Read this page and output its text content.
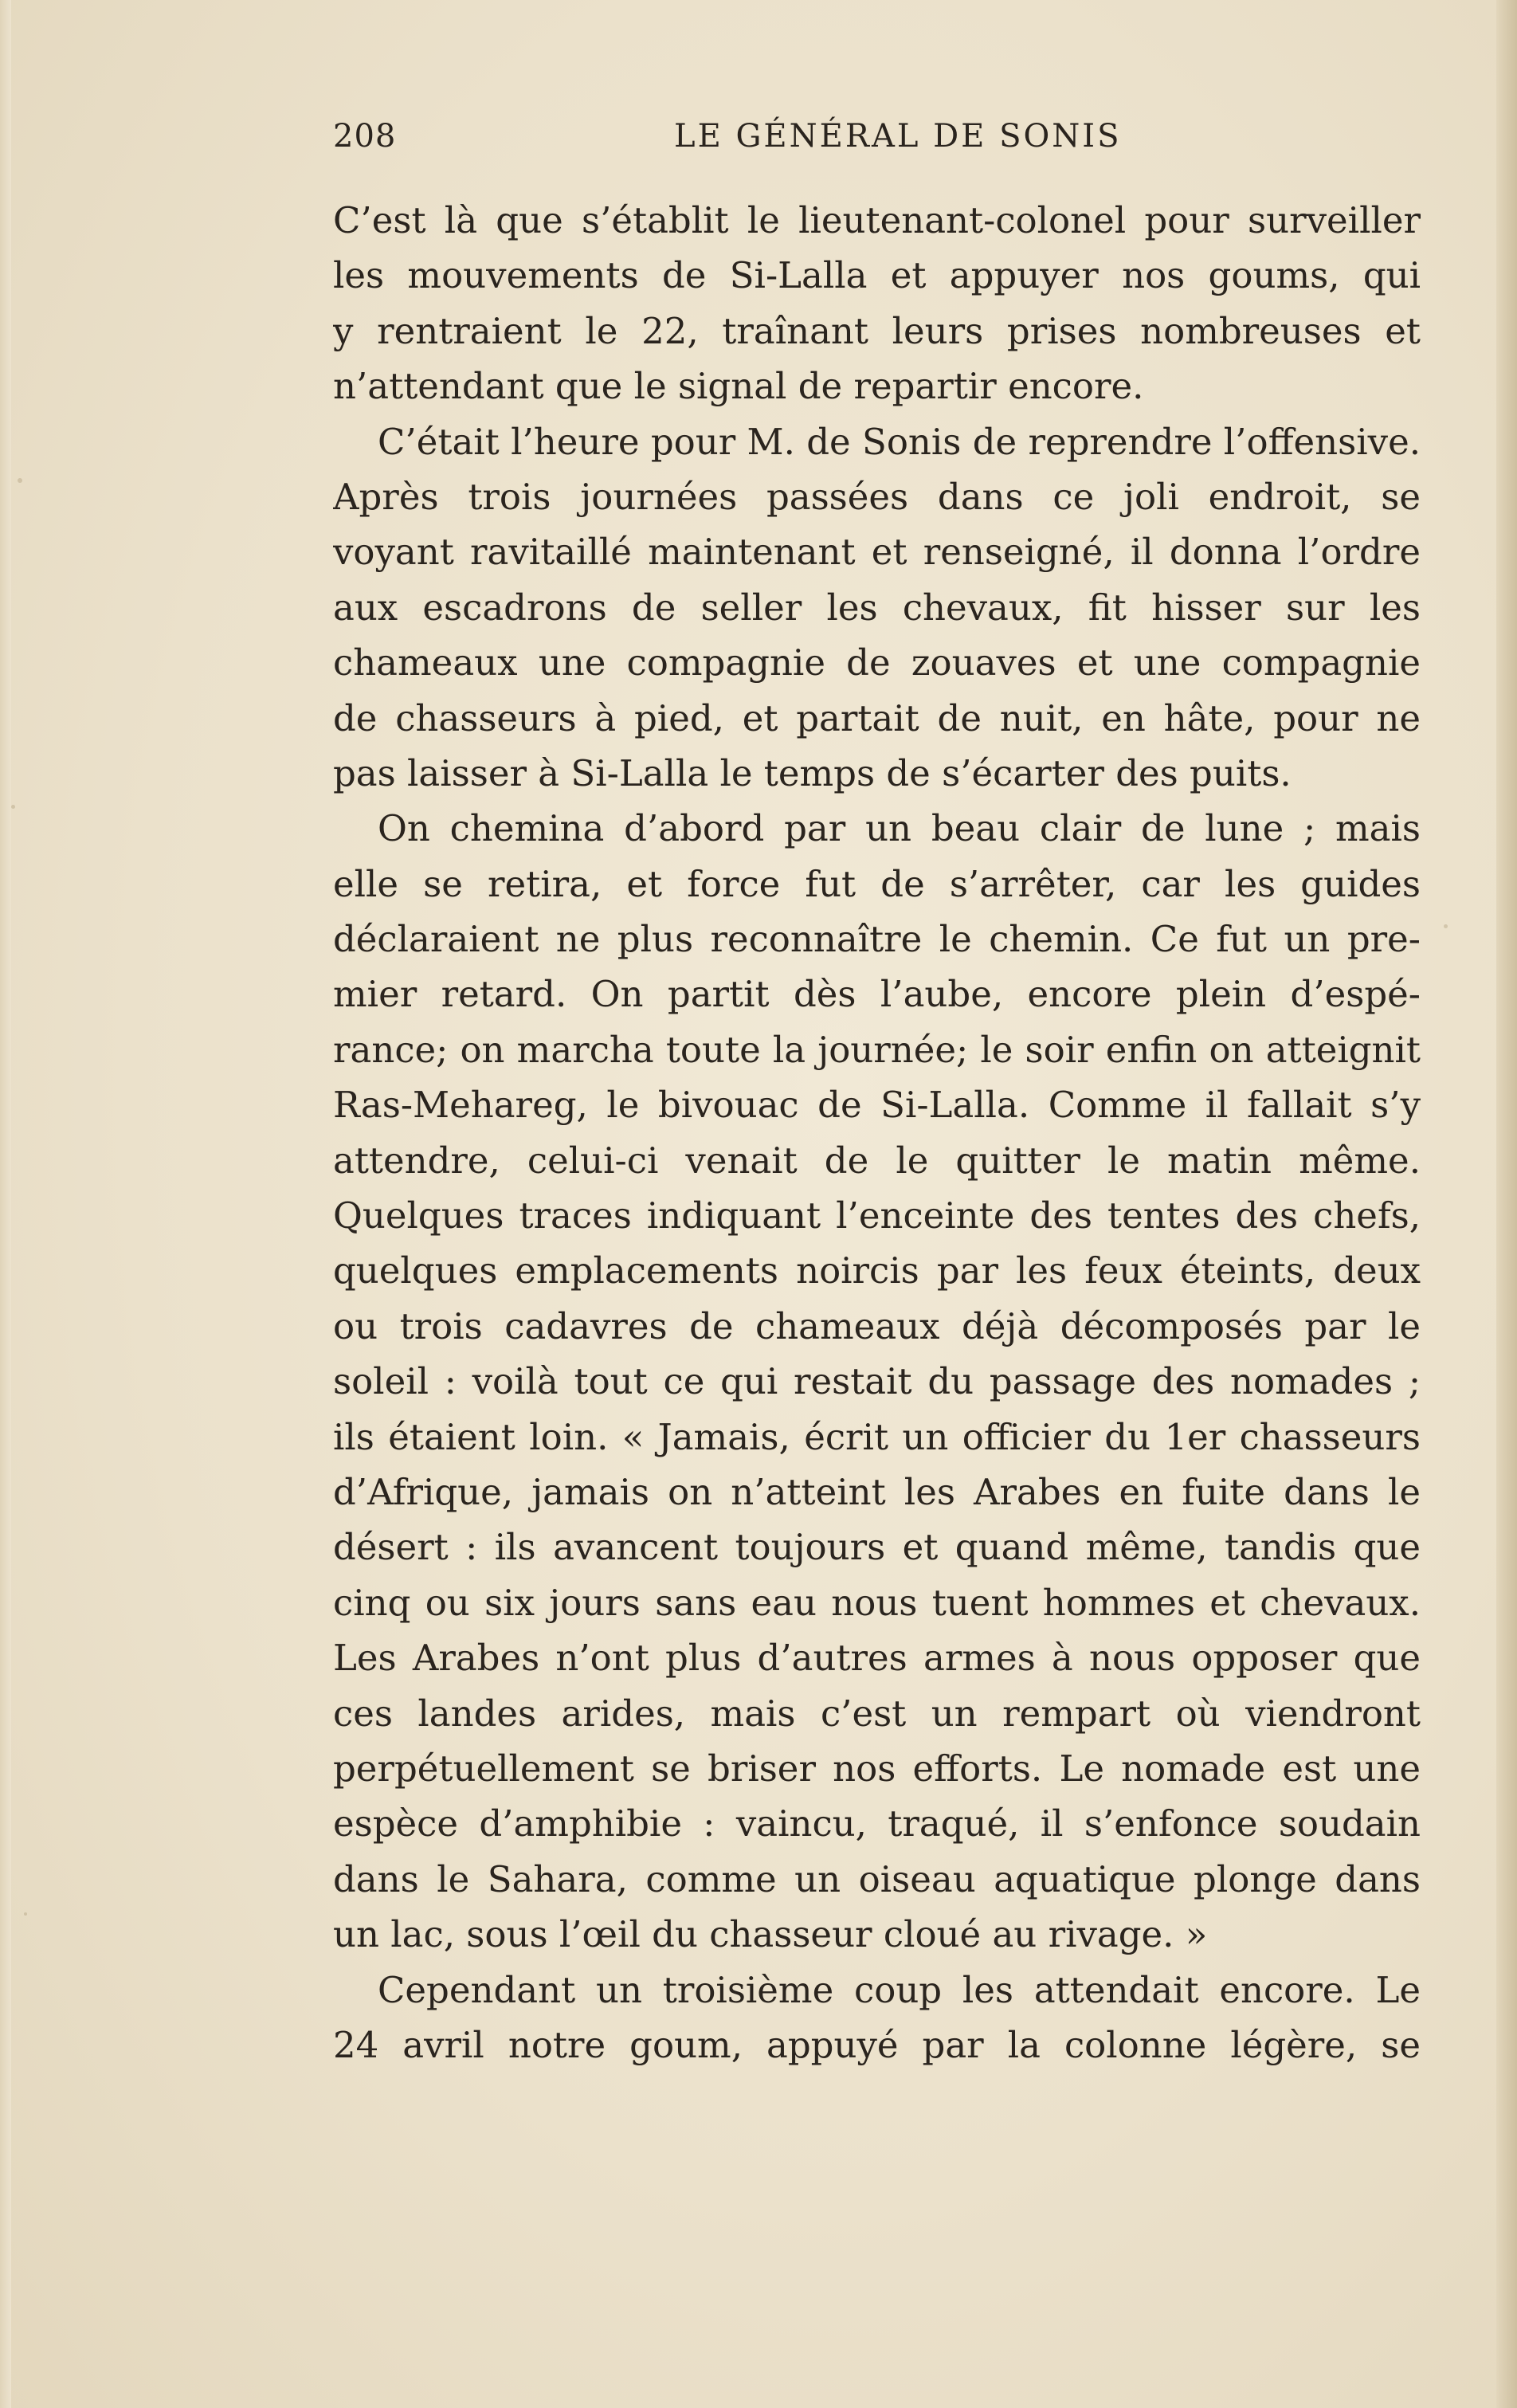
208	LE GÉNÉRAL DE SONIS
C’est là que s’établit le lieutenant-colonel pour surveiller
les mouvements de Si-Lalla et appuyer nos goums, qui
y rentraient le 22, traînant leurs prises nombreuses et
n’attendant que le signal de repartir encore.
C’était l’heure pour M. de Sonis de reprendre l’offensive.
Après trois journées passées dans ce joli endroit, se
voyant ravitaillé maintenant et renseigné, il donna l’ordre
aux escadrons de seller les chevaux, fit hisser sur les
chameaux une compagnie de zouaves et une compagnie
de chasseurs à pied, et partait de nuit, en hâte, pour ne
pas laisser à Si-Lalla le temps de s’écarter des puits.
On chemina d’abord par un beau clair de lune ; mais
elle se retira, et force fut de s’arrêter, car les guides
déclaraient ne plus reconnaître le chemin. Ce fut un pre-
mier retard. On partit dès l’aube, encore plein d’espé-
rance; on marcha toute la journée; le soir enfin on atteignit
Ras-Mehareg, le bivouac de Si-Lalla. Comme il fallait s’y
attendre, celui-ci venait de le quitter le matin même.
Quelques traces indiquant l’enceinte des tentes des chefs,
quelques emplacements noircis par les feux éteints, deux
ou trois cadavres de chameaux déjà décomposés par le
soleil : voilà tout ce qui restait du passage des nomades ;
ils étaient loin. « Jamais, écrit un officier du 1er chasseurs
d’Afrique, jamais on n’atteint les Arabes en fuite dans le
désert : ils avancent toujours et quand même, tandis que
cinq ou six jours sans eau nous tuent hommes et chevaux.
Les Arabes n’ont plus d’autres armes à nous opposer que
ces landes arides, mais c’est un rempart où viendront
perpétuellement se briser nos efforts. Le nomade est une
espèce d’amphibie : vaincu, traqué, il s’enfonce soudain
dans le Sahara, comme un oiseau aquatique plonge dans
un lac, sous l’œil du chasseur cloué au rivage. »
Cependant un troisième coup les attendait encore. Le
24 avril notre goum, appuyé par la colonne légère, se
